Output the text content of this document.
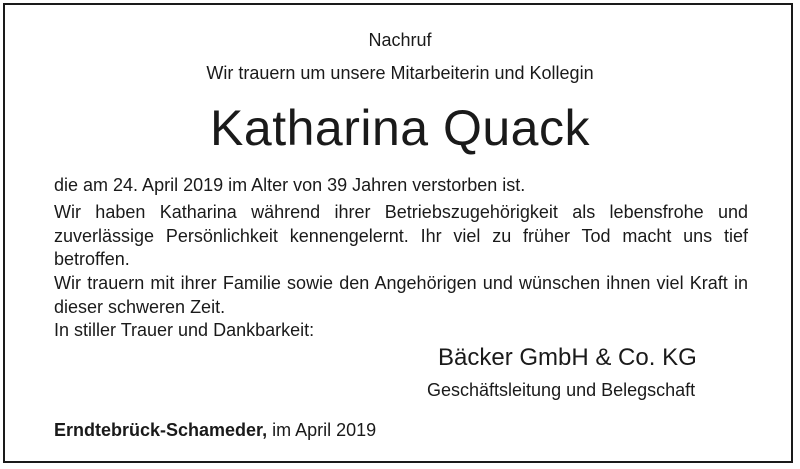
Nachruf
Wir trauern um unsere Mitarbeiterin und Kollegin
Katharina Quack
die am 24. April 2019 im Alter von 39 Jahren verstorben ist.
Wir haben Katharina während ihrer Betriebszugehörigkeit als lebensfrohe und zuverlässige Persönlichkeit kennengelernt. Ihr viel zu früher Tod macht uns tief betroffen.
Wir trauern mit ihrer Familie sowie den Angehörigen und wünschen ihnen viel Kraft in dieser schweren Zeit.
In stiller Trauer und Dankbarkeit:
Bäcker GmbH & Co. KG
Geschäftsleitung und Belegschaft
Erndtebrück-Schameder, im April 2019
